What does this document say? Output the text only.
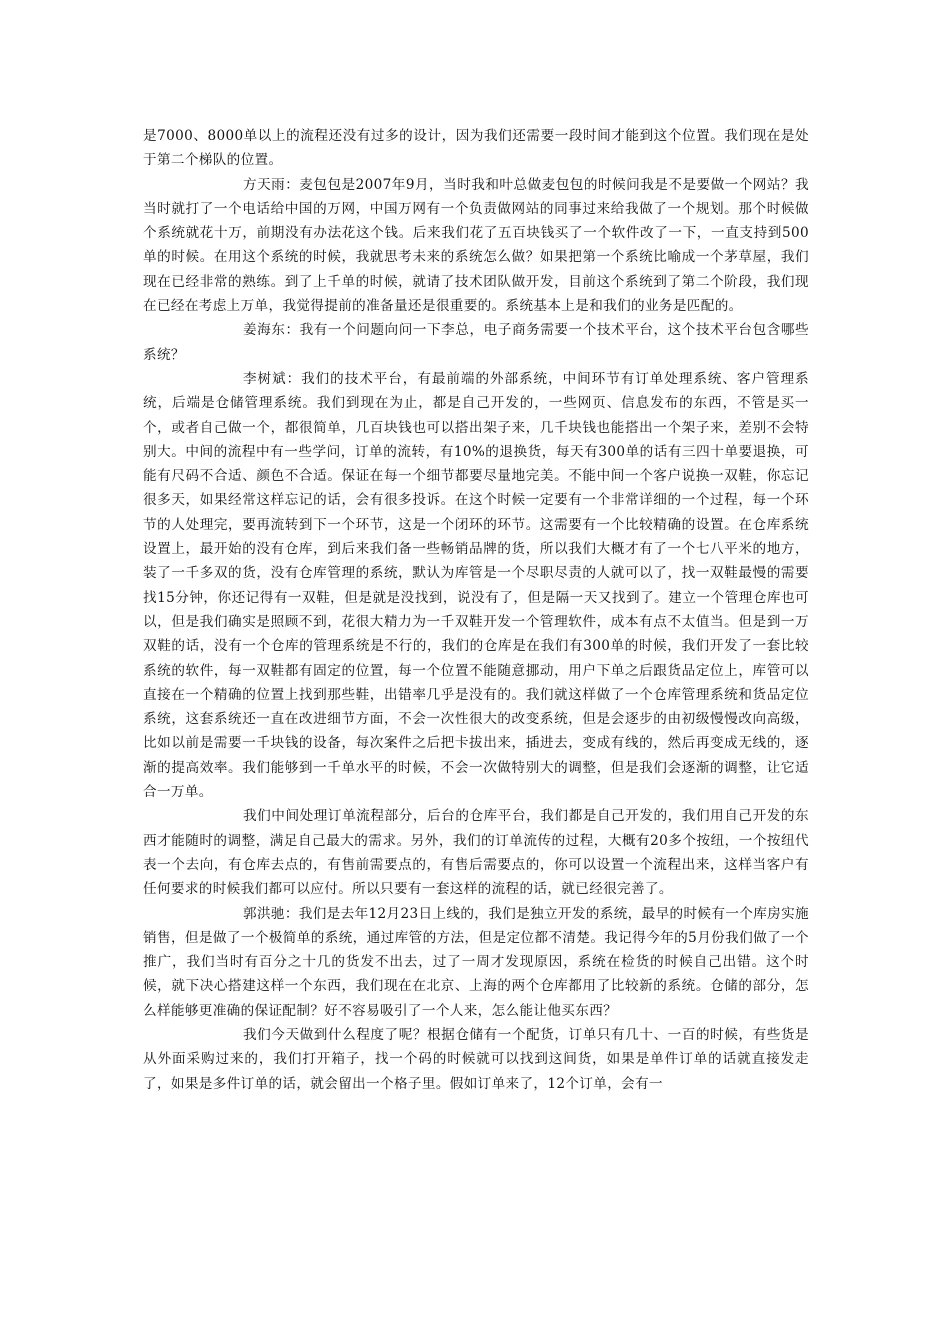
是7000、8000单以上的流程还没有过多的设计，因为我们还需要一段时间才能到这个位置。我们现在是处于第二个梯队的位置。

方天雨：麦包包是2007年9月，当时我和叶总做麦包包的时候问我是不是要做一个网站？我当时就打了一个电话给中国的万网，中国万网有一个负责做网站的同事过来给我做了一个规划。那个时候做个系统就花十万，前期没有办法花这个钱。后来我们花了五百块钱买了一个软件改了一下，一直支持到500单的时候。在用这个系统的时候，我就思考未来的系统怎么做？如果把第一个系统比喻成一个茅草屋，我们现在已经非常的熟练。到了上千单的时候，就请了技术团队做开发，目前这个系统到了第二个阶段，我们现在已经在考虑上万单，我觉得提前的准备量还是很重要的。系统基本上是和我们的业务是匹配的。

姜海东：我有一个问题向问一下李总，电子商务需要一个技术平台，这个技术平台包含哪些系统？

李树斌：我们的技术平台，有最前端的外部系统，中间环节有订单处理系统、客户管理系统，后端是仓储管理系统。我们到现在为止，都是自己开发的，一些网页、信息发布的东西，不管是买一个，或者自己做一个，都很简单，几百块钱也可以搭出架子来，几千块钱也能搭出一个架子来，差别不会特别大。中间的流程中有一些学问，订单的流转，有10%的退换货，每天有300单的话有三四十单要退换，可能有尺码不合适、颜色不合适。保证在每一个细节都要尽量地完美。不能中间一个客户说换一双鞋，你忘记很多天，如果经常这样忘记的话，会有很多投诉。在这个时候一定要有一个非常详细的一个过程，每一个环节的人处理完，要再流转到下一个环节，这是一个闭环的环节。这需要有一个比较精确的设置。在仓库系统设置上，最开始的没有仓库，到后来我们备一些畅销品牌的货，所以我们大概才有了一个七八平米的地方，装了一千多双的货，没有仓库管理的系统，默认为库管是一个尽职尽责的人就可以了，找一双鞋最慢的需要找15分钟，你还记得有一双鞋，但是就是没找到，说没有了，但是隔一天又找到了。建立一个管理仓库也可以，但是我们确实是照顾不到，花很大精力为一千双鞋开发一个管理软件，成本有点不太值当。但是到一万双鞋的话，没有一个仓库的管理系统是不行的，我们的仓库是在我们有300单的时候，我们开发了一套比较系统的软件，每一双鞋都有固定的位置，每一个位置不能随意挪动，用户下单之后跟货品定位上，库管可以直接在一个精确的位置上找到那些鞋，出错率几乎是没有的。我们就这样做了一个仓库管理系统和货品定位系统，这套系统还一直在改进细节方面，不会一次性很大的改变系统，但是会逐步的由初级慢慢改向高级，比如以前是需要一千块钱的设备，每次案件之后把卡拔出来，插进去，变成有线的，然后再变成无线的，逐渐的提高效率。我们能够到一千单水平的时候，不会一次做特别大的调整，但是我们会逐渐的调整，让它适合一万单。

我们中间处理订单流程部分，后台的仓库平台，我们都是自己开发的，我们用自己开发的东西才能随时的调整，满足自己最大的需求。另外，我们的订单流传的过程，大概有20多个按纽，一个按纽代表一个去向，有仓库去点的，有售前需要点的，有售后需要点的，你可以设置一个流程出来，这样当客户有任何要求的时候我们都可以应付。所以只要有一套这样的流程的话，就已经很完善了。

郭洪驰：我们是去年12月23日上线的，我们是独立开发的系统，最早的时候有一个库房实施销售，但是做了一个极简单的系统，通过库管的方法，但是定位都不清楚。我记得今年的5月份我们做了一个推广，我们当时有百分之十几的货发不出去，过了一周才发现原因，系统在检货的时候自己出错。这个时候，就下决心搭建这样一个东西，我们现在在北京、上海的两个仓库都用了比较新的系统。仓储的部分，怎么样能够更准确的保证配制？好不容易吸引了一个人来，怎么能让他买东西？

我们今天做到什么程度了呢？根据仓储有一个配货，订单只有几十、一百的时候，有些货是从外面采购过来的，我们打开箱子，找一个码的时候就可以找到这间货，如果是单件订单的话就直接发走了，如果是多件订单的话，就会留出一个格子里。假如订单来了，12个订单，会有一
